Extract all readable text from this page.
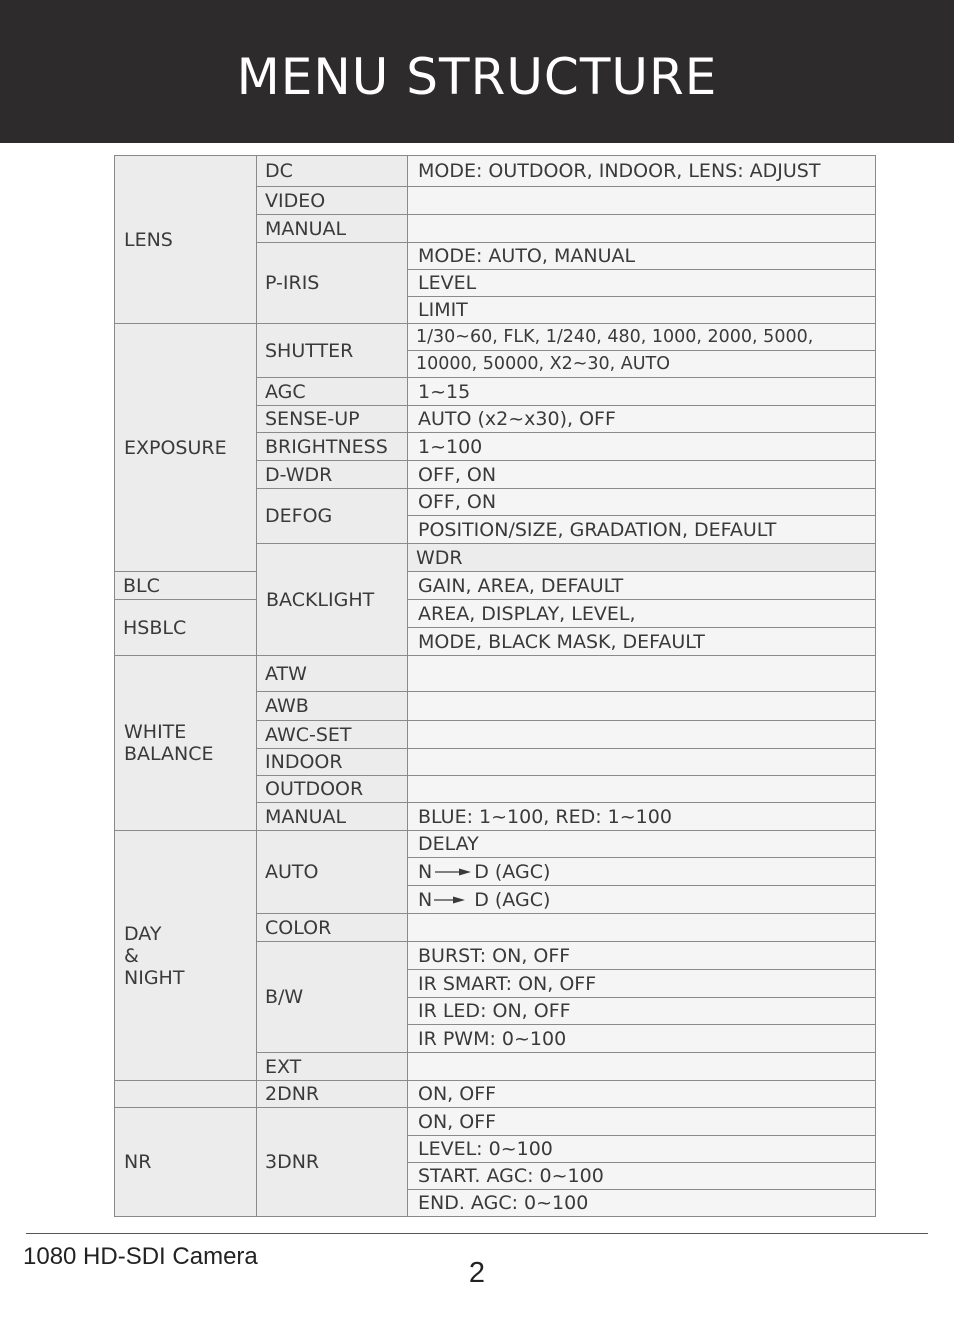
MENU STRUCTURE
LENS	DC	MODE: OUTDOOR, INDOOR, LENS: ADJUST	
	VIDEO		
	MANUAL		
	P-IRIS	MODE: AUTO, MANUAL	
		LEVEL	
		LIMIT	
EXPOSURE	SHUTTER	1/30~60, FLK, 1/240, 480, 1000, 2000, 5000,	
		10000, 50000, X2~30, AUTO	
	AGC	1~15	
	SENSE-UP	AUTO (x2~x30), OFF	
	BRIGHTNESS	1~100	
	D-WDR	OFF, ON	
	DEFOG	OFF, ON	
		POSITION/SIZE, GRADATION, DEFAULT	
	BACKLIGHT	WDR	
BLC		GAIN, AREA, DEFAULT	
HSBLC		AREA, DISPLAY, LEVEL,	
		MODE, BLACK MASK, DEFAULT	
WHITE
BALANCE	ATW		
	AWB		
	AWC-SET		
	INDOOR		
	OUTDOOR		
	MANUAL	BLUE: 1~100, RED: 1~100	
DAY
&
NIGHT	AUTO	DELAY	

		N D (AGC)	

		N D (AGC)	

	COLOR		
	B/W	BURST: ON, OFF	
		IR SMART: ON, OFF	
		IR LED: ON, OFF	
		IR PWM: 0~100	
	EXT		
	2DNR	ON, OFF	
NR	3DNR	ON, OFF	
		LEVEL: 0~100	
		START. AGC: 0~100	
		END. AGC: 0~100	
1080 HD-SDI Camera
2
